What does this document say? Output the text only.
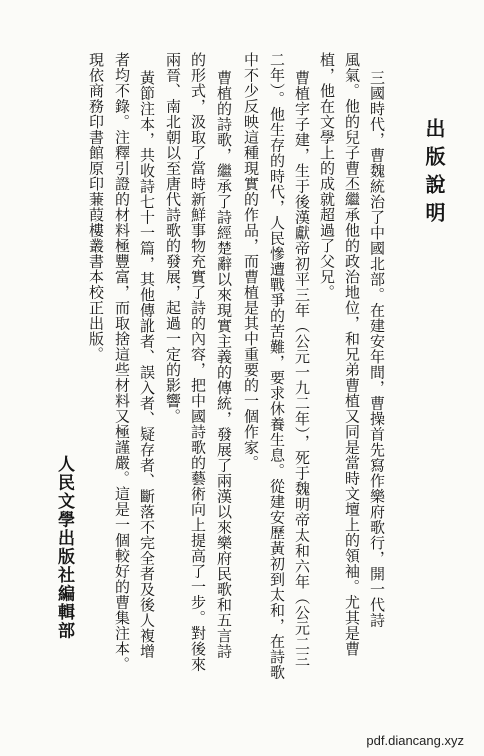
出版說明
三國時代，曹魏統治了中國北部。在建安年間，曹操首先寫作樂府歌行，開一代詩
風氣。他的兒子曹丕繼承他的政治地位，和兄弟曹植又同是當時文壇上的領袖。尤其是曹
植，他在文學上的成就超過了父兄。
曹植字子建，生于後漢獻帝初平三年（公元一九二年），死于魏明帝太和六年（公元二三
二年）。他生存的時代，人民慘遭戰爭的苦難，要求休養生息。從建安歷黃初到太和，在詩歌
中不少反映這種現實的作品，而曹植是其中重要的一個作家。
曹植的詩歌，繼承了詩經楚辭以來現實主義的傳統，發展了兩漢以來樂府民歌和五言詩
的形式，汲取了當時新鮮事物充實了詩的內容，把中國詩歌的藝術向上提高了一步。對後來
兩晉、南北朝以至唐代詩歌的發展，起過一定的影響。
黃節注本，共收詩七十一篇，其他傳訛者、誤入者、疑存者、斷落不完全者及後人複增
者均不錄。注釋引證的材料極豐富，而取捨這些材料又極謹嚴。這是一個較好的曹集注本。
現依商務印書館原印蒹葭樓叢書本校正出版。
人民文學出版社編輯部
pdf.diancang.xyz
